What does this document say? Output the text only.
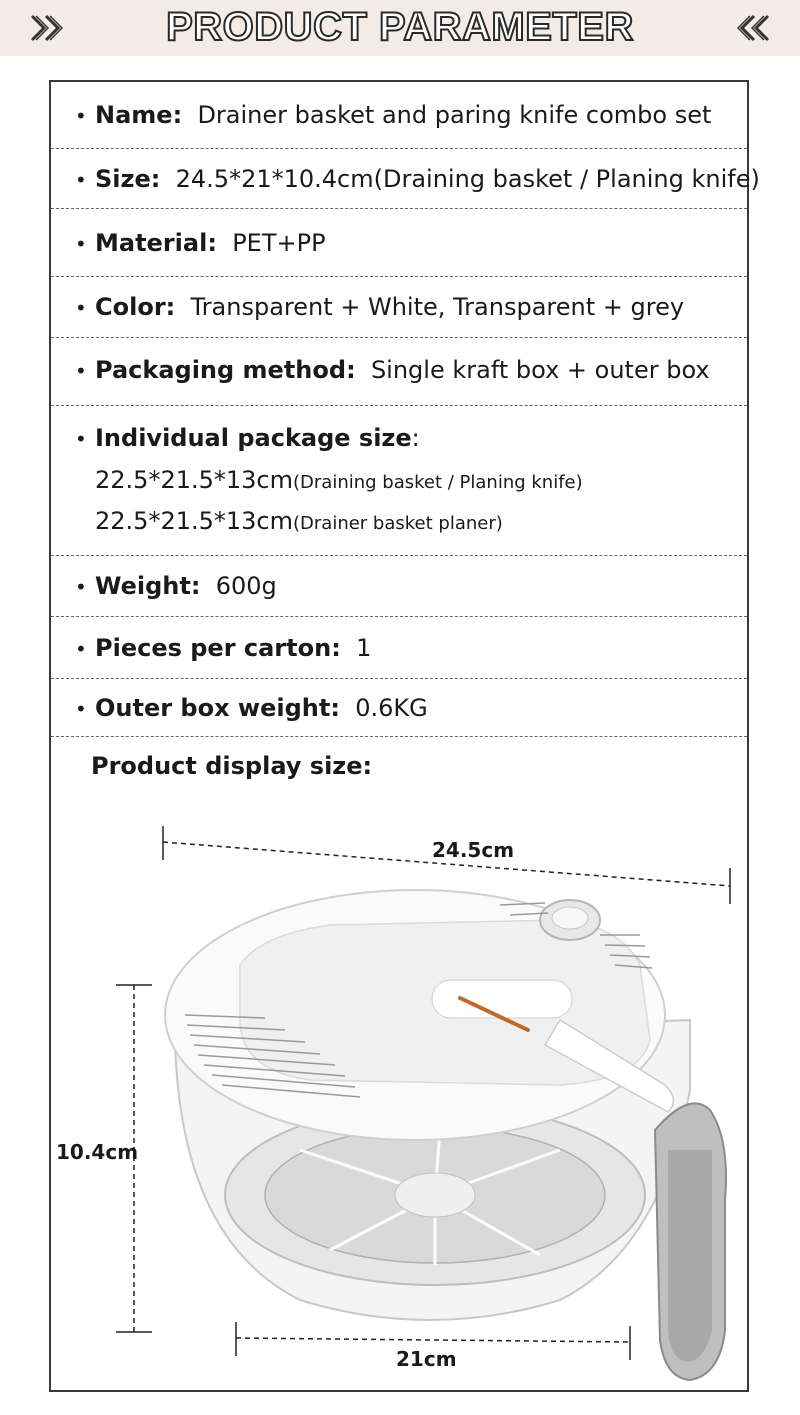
PRODUCT PARAMETER
• Name: Drainer basket and paring knife combo set
• Size: 24.5*21*10.4cm(Draining basket / Planing knife)
• Material: PET+PP
• Color: Transparent + White, Transparent + grey
• Packaging method: Single kraft box + outer box
• Individual package size:
22.5*21.5*13cm(Draining basket / Planing knife)
22.5*21.5*13cm(Drainer basket planer)
• Weight: 600g
• Pieces per carton: 1
• Outer box weight: 0.6KG
Product display size:
24.5cm
10.4cm
21cm
